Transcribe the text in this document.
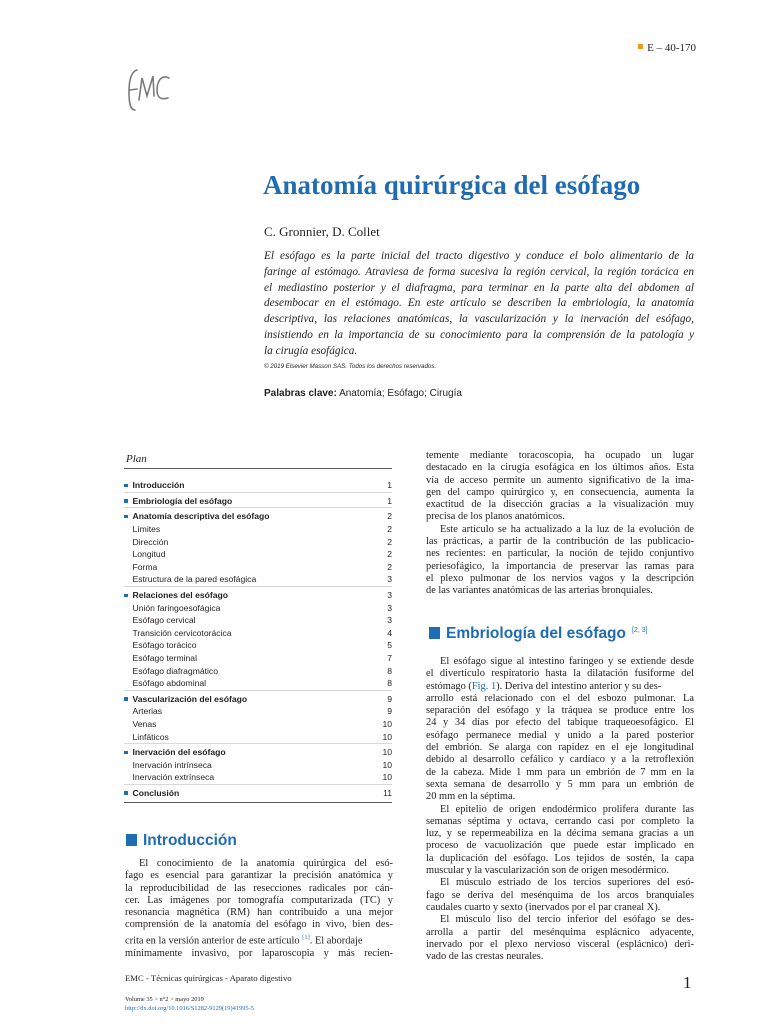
E – 40-170
Anatomía quirúrgica del esófago
C. Gronnier, D. Collet

El esófago es la parte inicial del tracto digestivo y conduce el bolo alimentario de la
faringe al estómago. Atraviesa de forma sucesiva la región cervical, la región torácica en
el mediastino posterior y el diafragma, para terminar en la parte alta del abdomen al
desembocar en el estómago. En este artículo se describen la embriología, la anatomía
descriptiva, las relaciones anatómicas, la vascularización y la inervación del esófago,
insistiendo en la importancia de su conocimiento para la comprensión de la patología y
la cirugía esofágica.

© 2019 Elsevier Masson SAS. Todos los derechos reservados.
Palabras clave: Anatomía; Esófago; Cirugía
Plan
Introducción	1
Embriología del esófago	1
Anatomía descriptiva del esófago	2
Límites	2
Dirección	2
Longitud	2
Forma	2
Estructura de la pared esofágica	3
Relaciones del esófago	3
Unión faringoesofágica	3
Esófago cervical	3
Transición cervicotorácica	4
Esófago torácico	5
Esófago terminal	7
Esófago diafragmático	8
Esófago abdominal	8
Vascularización del esófago	9
Arterias	9
Venas	10
Linfáticos	10
Inervación del esófago	10
Inervación intrínseca	10
Inervación extrínseca	10
Conclusión	11
Introducción
El conocimiento de la anatomía quirúrgica del esó-
fago es esencial para garantizar la precisión anatómica y
la reproducibilidad de las resecciones radicales por cán-
cer. Las imágenes por tomografía computarizada (TC) y
resonancia magnética (RM) han contribuido a una mejor
comprensión de la anatomía del esófago in vivo, bien des-
crita en la versión anterior de este artículo [1]. El abordaje
mínimamente invasivo, por laparoscopia y más recien-
temente mediante toracoscopia, ha ocupado un lugar
destacado en la cirugía esofágica en los últimos años. Esta
vía de acceso permite un aumento significativo de la ima-
gen del campo quirúrgico y, en consecuencia, aumenta la
exactitud de la disección gracias a la visualización muy
precisa de los planos anatómicos.
Este artículo se ha actualizado a la luz de la evolución de
las prácticas, a partir de la contribución de las publicacio-
nes recientes: en particular, la noción de tejido conjuntivo
periesofágico, la importancia de preservar las ramas para
el plexo pulmonar de los nervios vagos y la descripción
de las variantes anatómicas de las arterias bronquiales.
Embriología del esófago [2, 3]
El esófago sigue al intestino faríngeo y se extiende desde
el divertículo respiratorio hasta la dilatación fusiforme del
estómago (Fig. 1). Deriva del intestino anterior y su des-
arrollo está relacionado con el del esbozo pulmonar. La
separación del esófago y la tráquea se produce entre los
24 y 34 días por efecto del tabique traqueoesofágico. El
esófago permanece medial y unido a la pared posterior
del embrión. Se alarga con rapidez en el eje longitudinal
debido al desarrollo cefálico y cardíaco y a la retroflexión
de la cabeza. Mide 1 mm para un embrión de 7 mm en la
sexta semana de desarrollo y 5 mm para un embrión de
20 mm en la séptima.
El epitelio de origen endodérmico prolifera durante las
semanas séptima y octava, cerrando casi por completo la
luz, y se repermeabiliza en la décima semana gracias a un
proceso de vacuolización que puede estar implicado en
la duplicación del esófago. Los tejidos de sostén, la capa
muscular y la vascularización son de origen mesodérmico.
El músculo estriado de los tercios superiores del esó-
fago se deriva del mesénquima de los arcos branquiales
caudales cuarto y sexto (inervados por el par craneal X).
El músculo liso del tercio inferior del esófago se des-
arrolla a partir del mesénquima esplácnico adyacente,
inervado por el plexo nervioso visceral (esplácnico) deri-
vado de las crestas neurales.
EMC - Técnicas quirúrgicas - Aparato digestivo
Volume 35 > n°2 > mayo 2019
http://dx.doi.org/10.1016/S1282-9129(19)41995-5
1
